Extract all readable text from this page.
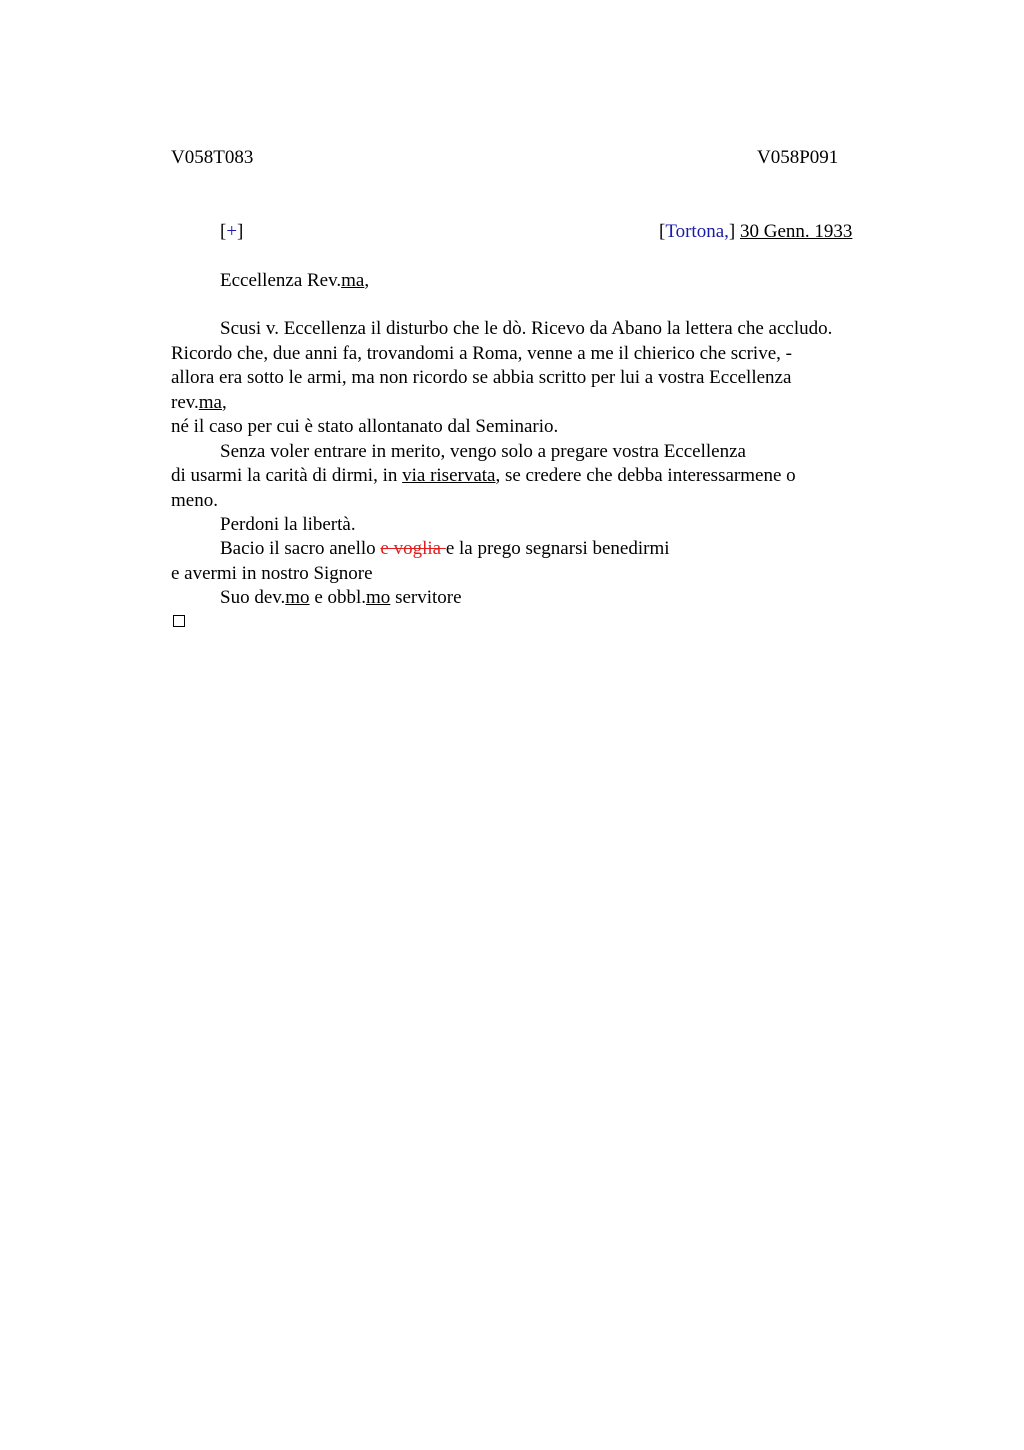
V058T083	V058P091
[+]	[Tortona,] 30 Genn. 1933
Eccellenza Rev.ma,
Scusi v. Eccellenza il disturbo che le dò. Ricevo da Abano la lettera che accludo.
Ricordo che, due anni fa, trovandomi a Roma, venne a me il chierico che scrive, -
allora era sotto le armi, ma non ricordo se abbia scritto per lui a vostra Eccellenza
rev.ma,
né il caso per cui è stato allontanato dal Seminario.
Senza voler entrare in merito, vengo solo a pregare vostra Eccellenza
di usarmi la carità di dirmi, in via riservata, se credere che debba interessarmene o
meno.
Perdoni la libertà.
Bacio il sacro anello e voglia e la prego segnarsi benedirmi
e avermi in nostro Signore
Suo dev.mo e obbl.mo servitore
